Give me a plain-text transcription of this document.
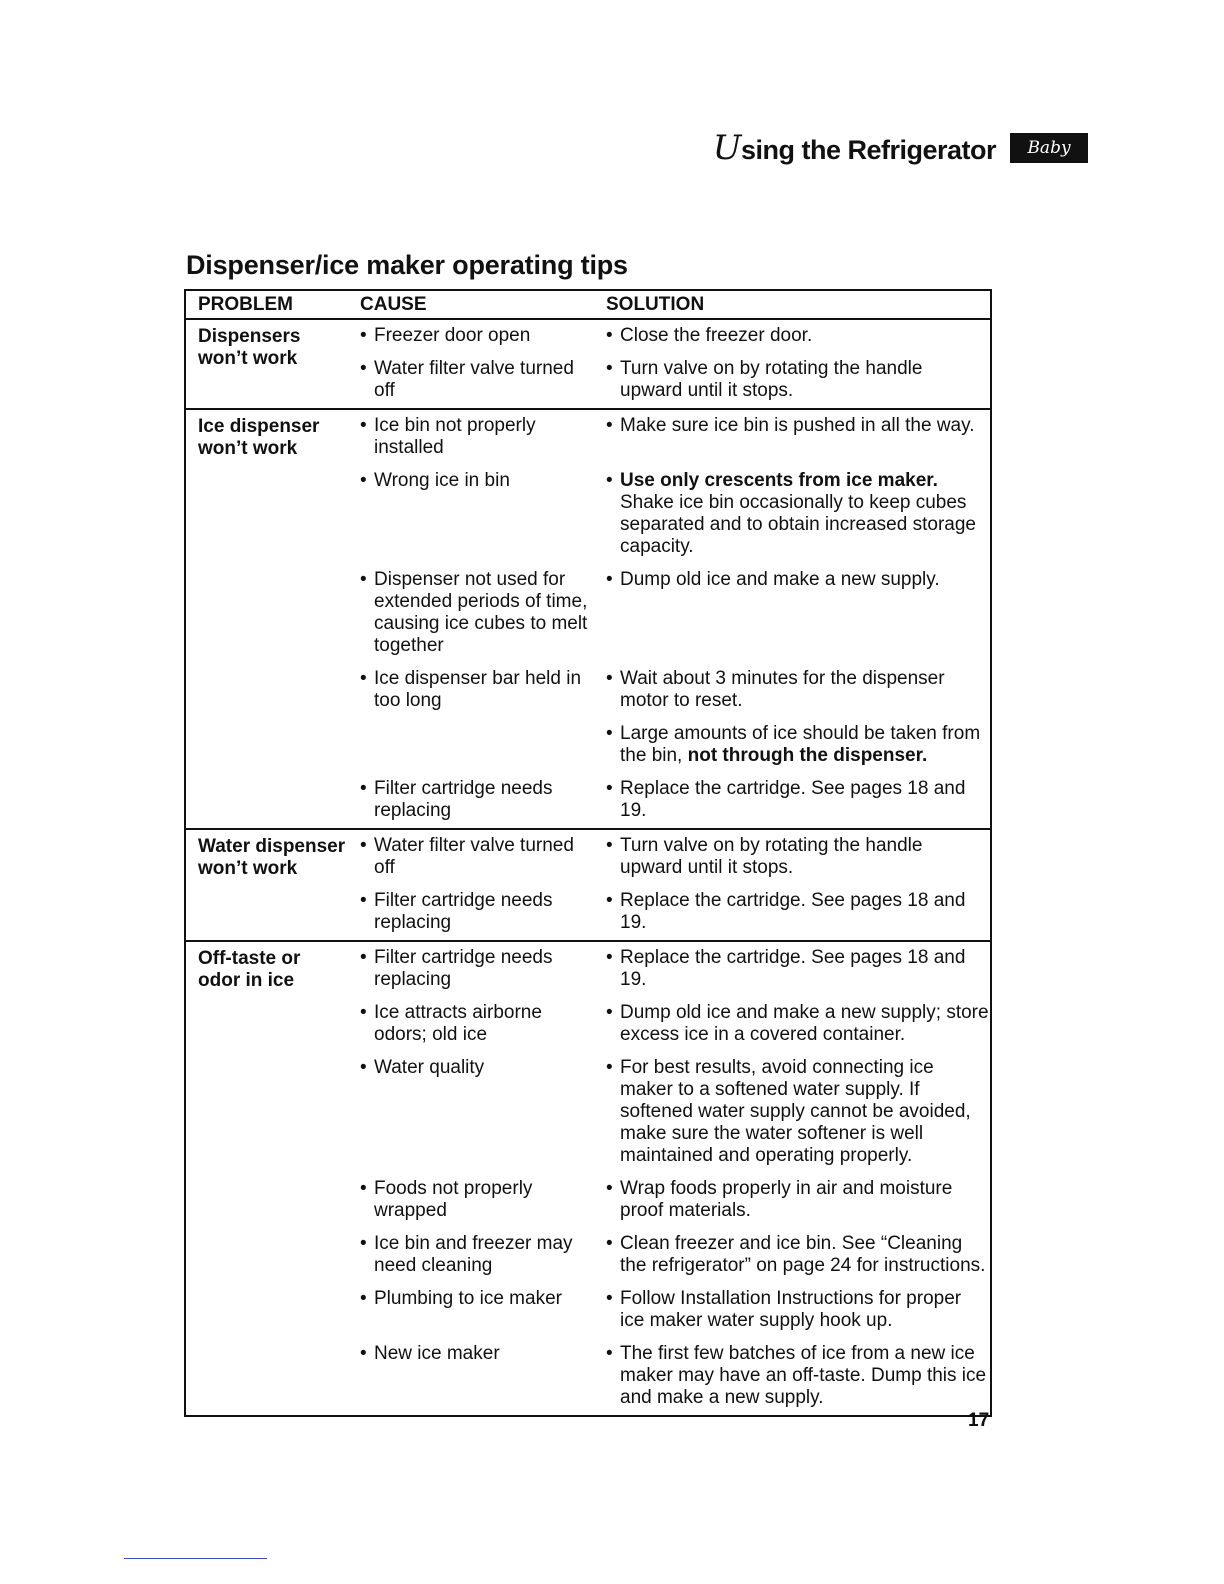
Using the Refrigerator Baby
Dispenser/ice maker operating tips
PROBLEM	CAUSE	SOLUTION

Dispensers
won’t work	• Freezer door open	• Close the freezer door.

	• Water filter valve turned off	• Turn valve on by rotating the handle upward until it stops.

Ice dispenser
won’t work	• Ice bin not properly installed	• Make sure ice bin is pushed in all the way.

	• Wrong ice in bin	• Use only crescents from ice maker.
Shake ice bin occasionally to keep cubes separated and to obtain increased storage capacity.

	• Dispenser not used for extended periods of time, causing ice cubes to melt together	• Dump old ice and make a new supply.

	• Ice dispenser bar held in too long	• Wait about 3 minutes for the dispenser motor to reset.

		• Large amounts of ice should be taken from the bin, not through the dispenser.

	• Filter cartridge needs replacing	• Replace the cartridge. See pages 18 and 19.

Water dispenser
won’t work	• Water filter valve turned off	• Turn valve on by rotating the handle upward until it stops.

	• Filter cartridge needs replacing	• Replace the cartridge. See pages 18 and 19.

Off-taste or
odor in ice	• Filter cartridge needs replacing	• Replace the cartridge. See pages 18 and 19.

	• Ice attracts airborne odors; old ice	• Dump old ice and make a new supply; store excess ice in a covered container.

	• Water quality	• For best results, avoid connecting ice maker to a softened water supply. If softened water supply cannot be avoided, make sure the water softener is well maintained and operating properly.

	• Foods not properly wrapped	• Wrap foods properly in air and moisture proof materials.

	• Ice bin and freezer may need cleaning	• Clean freezer and ice bin. See “Cleaning the refrigerator” on page 24 for instructions.

	• Plumbing to ice maker	• Follow Installation Instructions for proper ice maker water supply hook up.

	• New ice maker	• The first few batches of ice from a new ice maker may have an off-taste. Dump this ice and make a new supply.
17
